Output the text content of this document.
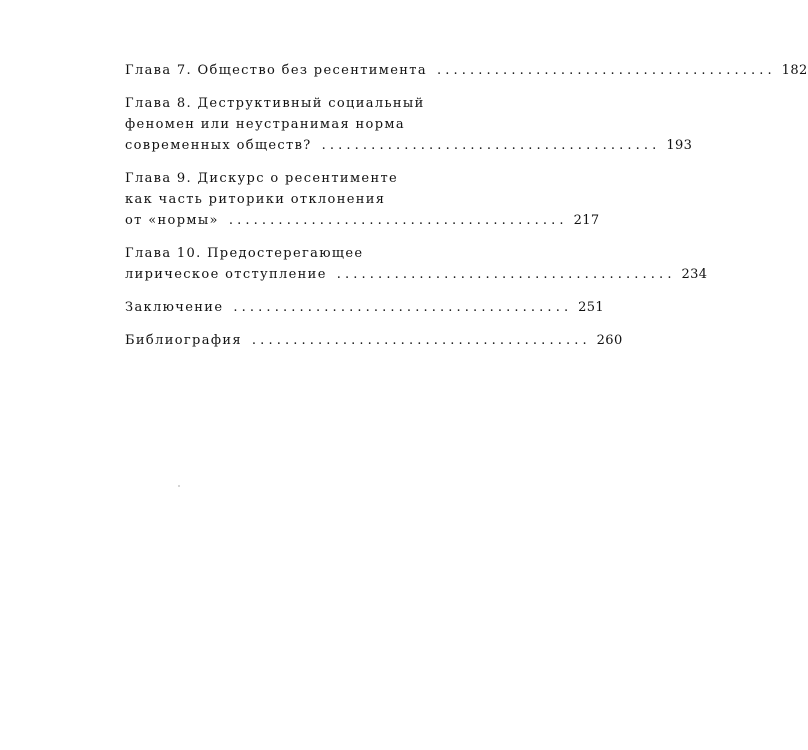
Глава 7. Общество без ресентимента . . . . . . . . . . . . . . . . . . . . . . . . . . . . . . . . . . . . . . . . . 182
Глава 8. Деструктивный социальный
феномен или неустранимая норма
современных обществ? . . . . . . . . . . . . . . . . . . . . . . . . . . . . . . . . . . . . . . . . . 193
Глава 9. Дискурс о ресентименте
как часть риторики отклонения
от «нормы» . . . . . . . . . . . . . . . . . . . . . . . . . . . . . . . . . . . . . . . . . 217
Глава 10. Предостерегающее
лирическое отступление . . . . . . . . . . . . . . . . . . . . . . . . . . . . . . . . . . . . . . . . . 234
Заключение . . . . . . . . . . . . . . . . . . . . . . . . . . . . . . . . . . . . . . . . . 251
Библиография . . . . . . . . . . . . . . . . . . . . . . . . . . . . . . . . . . . . . . . . . 260
